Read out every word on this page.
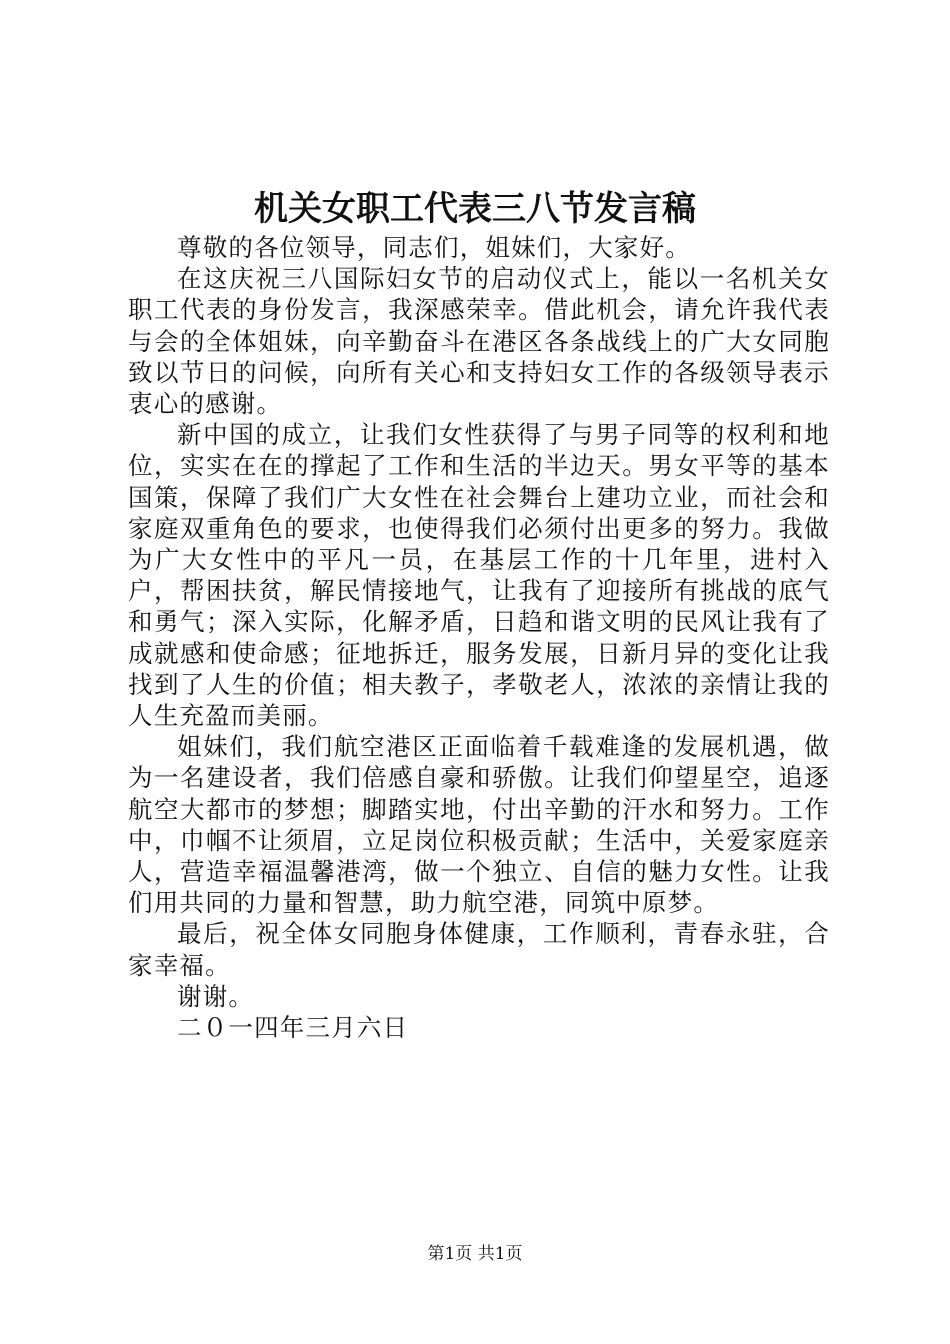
机关女职工代表三八节发言稿

尊敬的各位领导，同志们，姐妹们，大家好。

在这庆祝三八国际妇女节的启动仪式上，能以一名机关女职工代表的身份发言，我深感荣幸。借此机会，请允许我代表与会的全体姐妹，向辛勤奋斗在港区各条战线上的广大女同胞致以节日的问候，向所有关心和支持妇女工作的各级领导表示衷心的感谢。

新中国的成立，让我们女性获得了与男子同等的权利和地位，实实在在的撑起了工作和生活的半边天。男女平等的基本国策，保障了我们广大女性在社会舞台上建功立业，而社会和家庭双重角色的要求，也使得我们必须付出更多的努力。我做为广大女性中的平凡一员，在基层工作的十几年里，进村入户，帮困扶贫，解民情接地气，让我有了迎接所有挑战的底气和勇气；深入实际，化解矛盾，日趋和谐文明的民风让我有了成就感和使命感；征地拆迁，服务发展，日新月异的变化让我找到了人生的价值；相夫教子，孝敬老人，浓浓的亲情让我的人生充盈而美丽。

姐妹们，我们航空港区正面临着千载难逢的发展机遇，做为一名建设者，我们倍感自豪和骄傲。让我们仰望星空，追逐航空大都市的梦想；脚踏实地，付出辛勤的汗水和努力。工作中，巾帼不让须眉，立足岗位积极贡献；生活中，关爱家庭亲人，营造幸福温馨港湾，做一个独立、自信的魅力女性。让我们用共同的力量和智慧，助力航空港，同筑中原梦。

最后，祝全体女同胞身体健康，工作顺利，青春永驻，合家幸福。

谢谢。

二０一四年三月六日

第1页 共1页
